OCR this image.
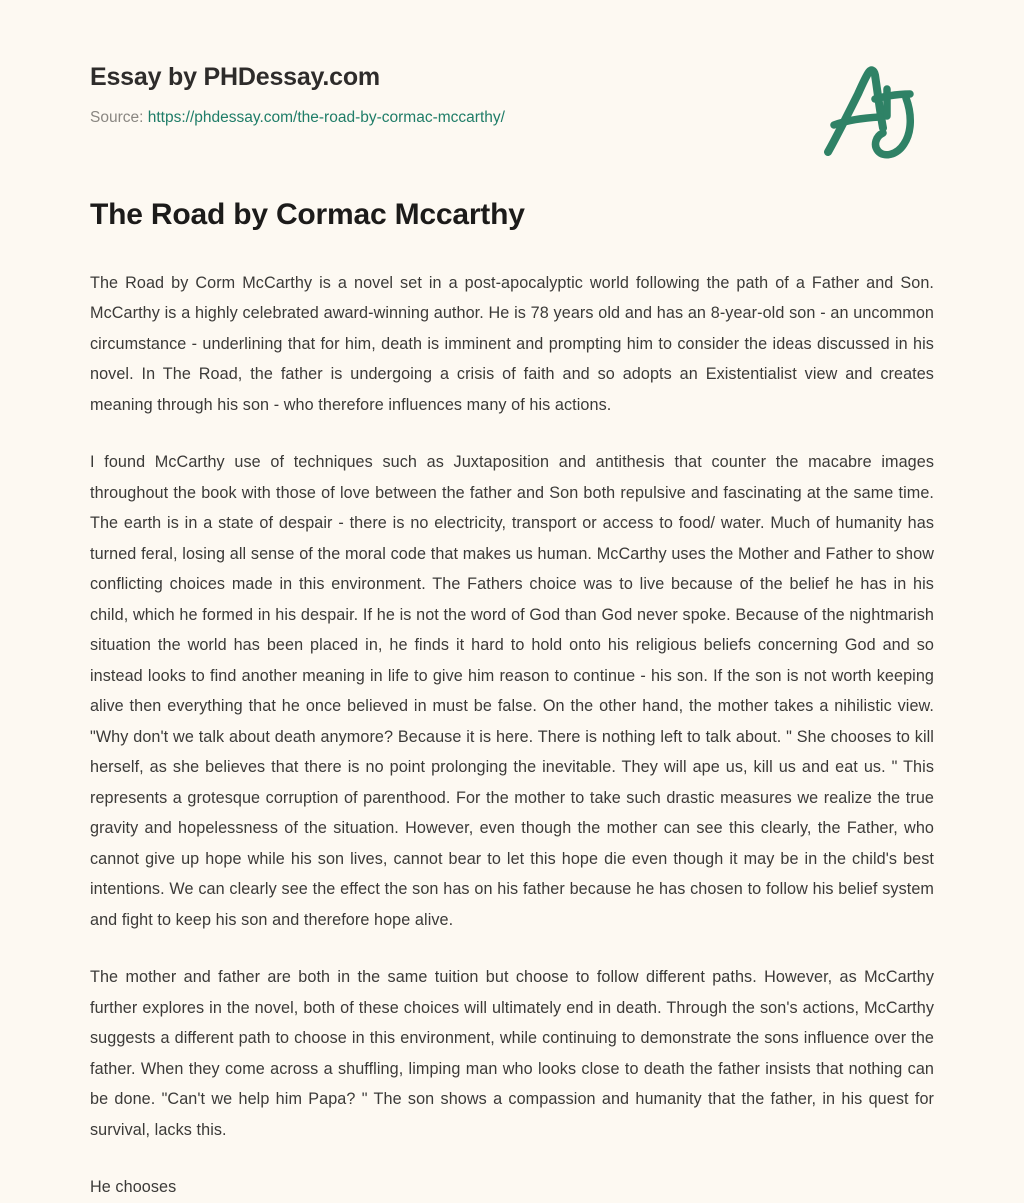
Essay by PHDessay.com
Source: https://phdessay.com/the-road-by-cormac-mccarthy/
The Road by Cormac Mccarthy

The Road by Corm McCarthy is a novel set in a post-apocalyptic world following the path of a Father and Son. McCarthy is a highly celebrated award-winning author. He is 78 years old and has an 8-year-old son - an uncommon circumstance - underlining that for him, death is imminent and prompting him to consider the ideas discussed in his novel. In The Road, the father is undergoing a crisis of faith and so adopts an Existentialist view and creates meaning through his son - who therefore influences many of his actions.

I found McCarthy use of techniques such as Juxtaposition and antithesis that counter the macabre images throughout the book with those of love between the father and Son both repulsive and fascinating at the same time. The earth is in a state of despair - there is no electricity, transport or access to food/ water. Much of humanity has turned feral, losing all sense of the moral code that makes us human. McCarthy uses the Mother and Father to show conflicting choices made in this environment. The Fathers choice was to live because of the belief he has in his child, which he formed in his despair. If he is not the word of God than God never spoke. Because of the nightmarish situation the world has been placed in, he finds it hard to hold onto his religious beliefs concerning God and so instead looks to find another meaning in life to give him reason to continue - his son. If the son is not worth keeping alive then everything that he once believed in must be false. On the other hand, the mother takes a nihilistic view. "Why don't we talk about death anymore? Because it is here. There is nothing left to talk about. " She chooses to kill herself, as she believes that there is no point prolonging the inevitable. They will ape us, kill us and eat us. " This represents a grotesque corruption of parenthood. For the mother to take such drastic measures we realize the true gravity and hopelessness of the situation. However, even though the mother can see this clearly, the Father, who cannot give up hope while his son lives, cannot bear to let this hope die even though it may be in the child's best intentions. We can clearly see the effect the son has on his father because he has chosen to follow his belief system and fight to keep his son and therefore hope alive.

The mother and father are both in the same tuition but choose to follow different paths. However, as McCarthy further explores in the novel, both of these choices will ultimately end in death. Through the son's actions, McCarthy suggests a different path to choose in this environment, while continuing to demonstrate the sons influence over the father. When they come across a shuffling, limping man who looks close to death the father insists that nothing can be done. "Can't we help him Papa? " The son shows a compassion and humanity that the father, in his quest for survival, lacks this.

He chooses
